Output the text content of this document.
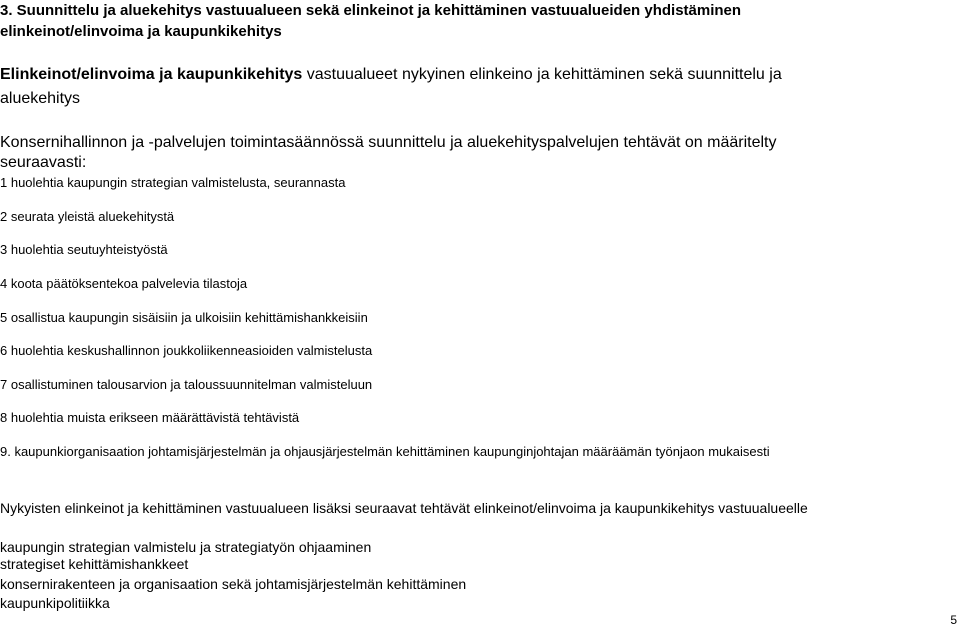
3. Suunnittelu ja aluekehitys vastuualueen sekä elinkeinot ja kehittäminen vastuualueiden yhdistäminen

elinkeinot/elinvoima ja kaupunkikehitys

Elinkeinot/elinvoima ja kaupunkikehitys vastuualueet nykyinen elinkeino ja kehittäminen sekä suunnittelu ja

aluekehitys

Konsernihallinnon ja -palvelujen toimintasäännössä suunnittelu ja aluekehityspalvelujen tehtävät on määritelty

seuraavasti:

1 huolehtia kaupungin strategian valmistelusta, seurannasta

2 seurata yleistä aluekehitystä

3 huolehtia seutuyhteistyöstä

4 koota päätöksentekoa palvelevia tilastoja

5 osallistua kaupungin sisäisiin ja ulkoisiin kehittämishankkeisiin

6 huolehtia keskushallinnon joukkoliikenneasioiden valmistelusta

7 osallistuminen talousarvion ja taloussuunnitelman valmisteluun

8 huolehtia muista erikseen määrättävistä tehtävistä

9. kaupunkiorganisaation johtamisjärjestelmän ja ohjausjärjestelmän kehittäminen kaupunginjohtajan määräämän työnjaon mukaisesti

Nykyisten elinkeinot ja kehittäminen vastuualueen lisäksi seuraavat tehtävät elinkeinot/elinvoima ja kaupunkikehitys vastuualueelle

kaupungin strategian valmistelu ja strategiatyön ohjaaminen

strategiset kehittämishankkeet

konsernirakenteen ja organisaation sekä johtamisjärjestelmän kehittäminen

kaupunkipolitiikka

5
